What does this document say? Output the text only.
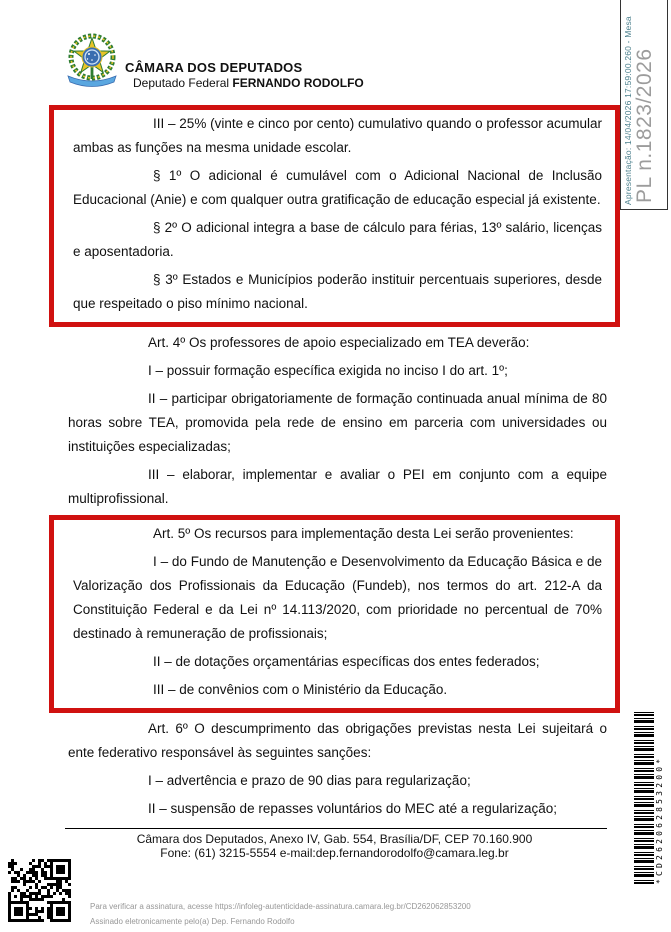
CÂMARA DOS DEPUTADOS
Deputado Federal FERNANDO RODOLFO	Apresentação: 14/04/2026 17:59:00.260 - Mesa PL n.1823/2026

III – 25% (vinte e cinco por cento) cumulativo quando o professor acumular ambas as funções na mesma unidade escolar.

§ 1º O adicional é cumulável com o Adicional Nacional de Inclusão Educacional (Anie) e com qualquer outra gratificação de educação especial já existente.

§ 2º O adicional integra a base de cálculo para férias, 13º salário, licenças e aposentadoria.

§ 3º Estados e Municípios poderão instituir percentuais superiores, desde que respeitado o piso mínimo nacional.

Art. 4º Os professores de apoio especializado em TEA deverão:

I – possuir formação específica exigida no inciso I do art. 1º;

II – participar obrigatoriamente de formação continuada anual mínima de 80 horas sobre TEA, promovida pela rede de ensino em parceria com universidades ou instituições especializadas;

III – elaborar, implementar e avaliar o PEI em conjunto com a equipe multiprofissional.

Art. 5º Os recursos para implementação desta Lei serão provenientes:

I – do Fundo de Manutenção e Desenvolvimento da Educação Básica e de Valorização dos Profissionais da Educação (Fundeb), nos termos do art. 212-A da Constituição Federal e da Lei nº 14.113/2020, com prioridade no percentual de 70% destinado à remuneração de profissionais;

II – de dotações orçamentárias específicas dos entes federados;

III – de convênios com o Ministério da Educação.

Art. 6º O descumprimento das obrigações previstas nesta Lei sujeitará o ente federativo responsável às seguintes sanções:

I – advertência e prazo de 90 dias para regularização;

II – suspensão de repasses voluntários do MEC até a regularização;

Câmara dos Deputados, Anexo IV, Gab. 554, Brasília/DF, CEP 70.160.900
Fone: (61) 3215-5554 e-mail:dep.fernandorodolfo@camara.leg.br
Para verificar a assinatura, acesse https://infoleg-autenticidade-assinatura.camara.leg.br/CD262062853200
Assinado eletronicamente pelo(a) Dep. Fernando Rodolfo
*CD262062853200*
